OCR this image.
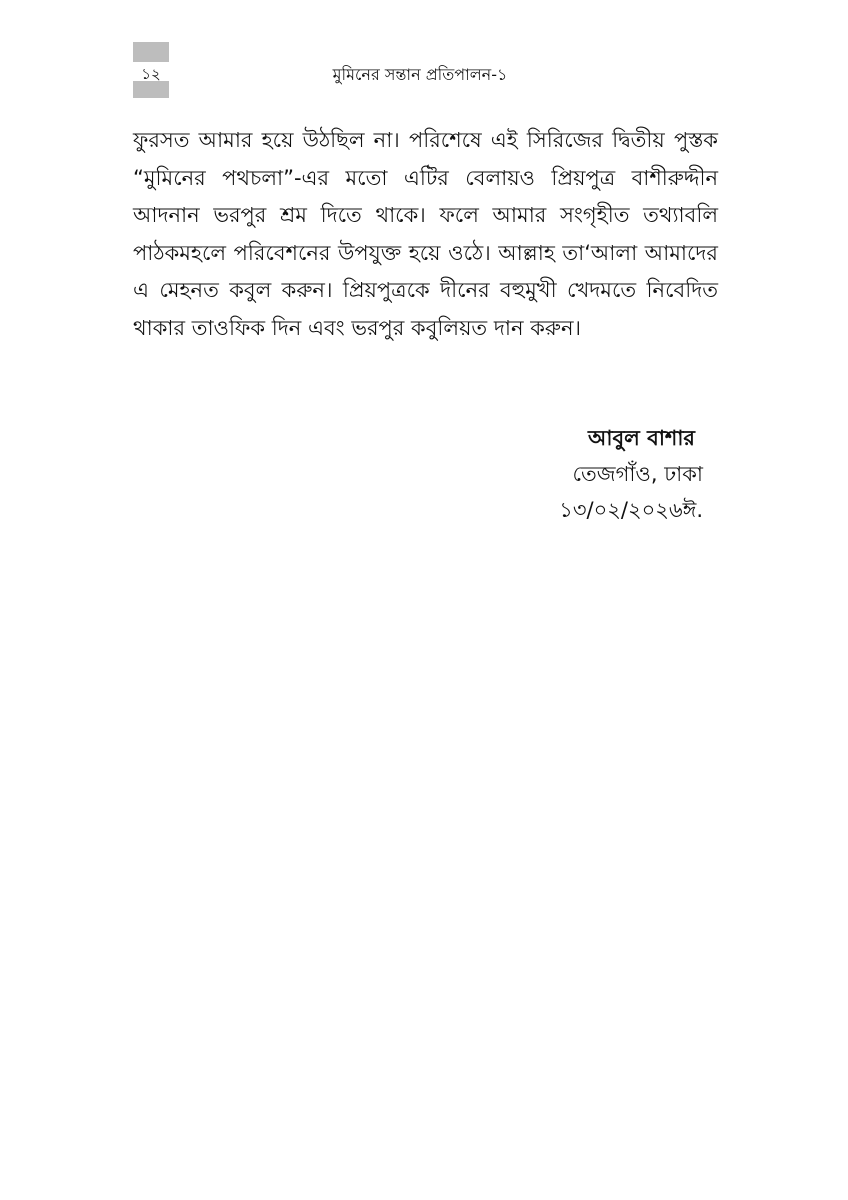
১২	মুমিনের সন্তান প্রতিপালন-১
ফুরসত আমার হয়ে উঠছিল না। পরিশেষে এই সিরিজের দ্বিতীয় পুস্তক
“মুমিনের পথচলা”-এর মতো এটির বেলায়ও প্রিয়পুত্র বাশীরুদ্দীন
আদনান ভরপুর শ্রম দিতে থাকে। ফলে আমার সংগৃহীত তথ্যাবলি
পাঠকমহলে পরিবেশনের উপযুক্ত হয়ে ওঠে। আল্লাহ তা‘আলা আমাদের
এ মেহনত কবুল করুন। প্রিয়পুত্রকে দীনের বহুমুখী খেদমতে নিবেদিত
থাকার তাওফিক দিন এবং ভরপুর কবুলিয়ত দান করুন।
আবুল বাশার
তেজগাঁও, ঢাকা
১৩/০২/২০২৬ঈ.
